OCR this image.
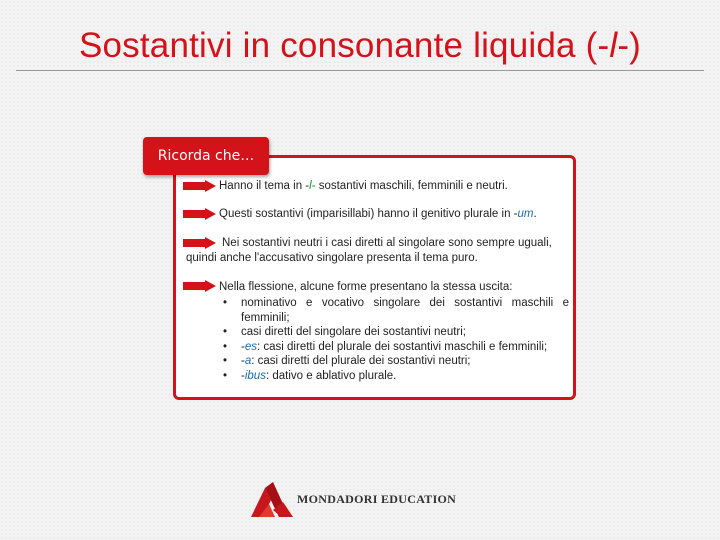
Sostantivi in consonante liquida (-l-)
Ricorda che…
Hanno il tema in -l- sostantivi maschili, femminili e neutri.
Questi sostantivi (imparisillabi) hanno il genitivo plurale in -um.
Nei sostantivi neutri i casi diretti al singolare sono sempre uguali,
quindi anche l'accusativo singolare presenta il tema puro.
Nella flessione, alcune forme presentano la stessa uscita:
•	nominativo e vocativo singolare dei sostantivi maschili e femminili;
•	casi diretti del singolare dei sostantivi neutri;
•	-es: casi diretti del plurale dei sostantivi maschili e femminili;
•	-a: casi diretti del plurale dei sostantivi neutri;
•	-ibus: dativo e ablativo plurale.
MONDADORI EDUCATION
